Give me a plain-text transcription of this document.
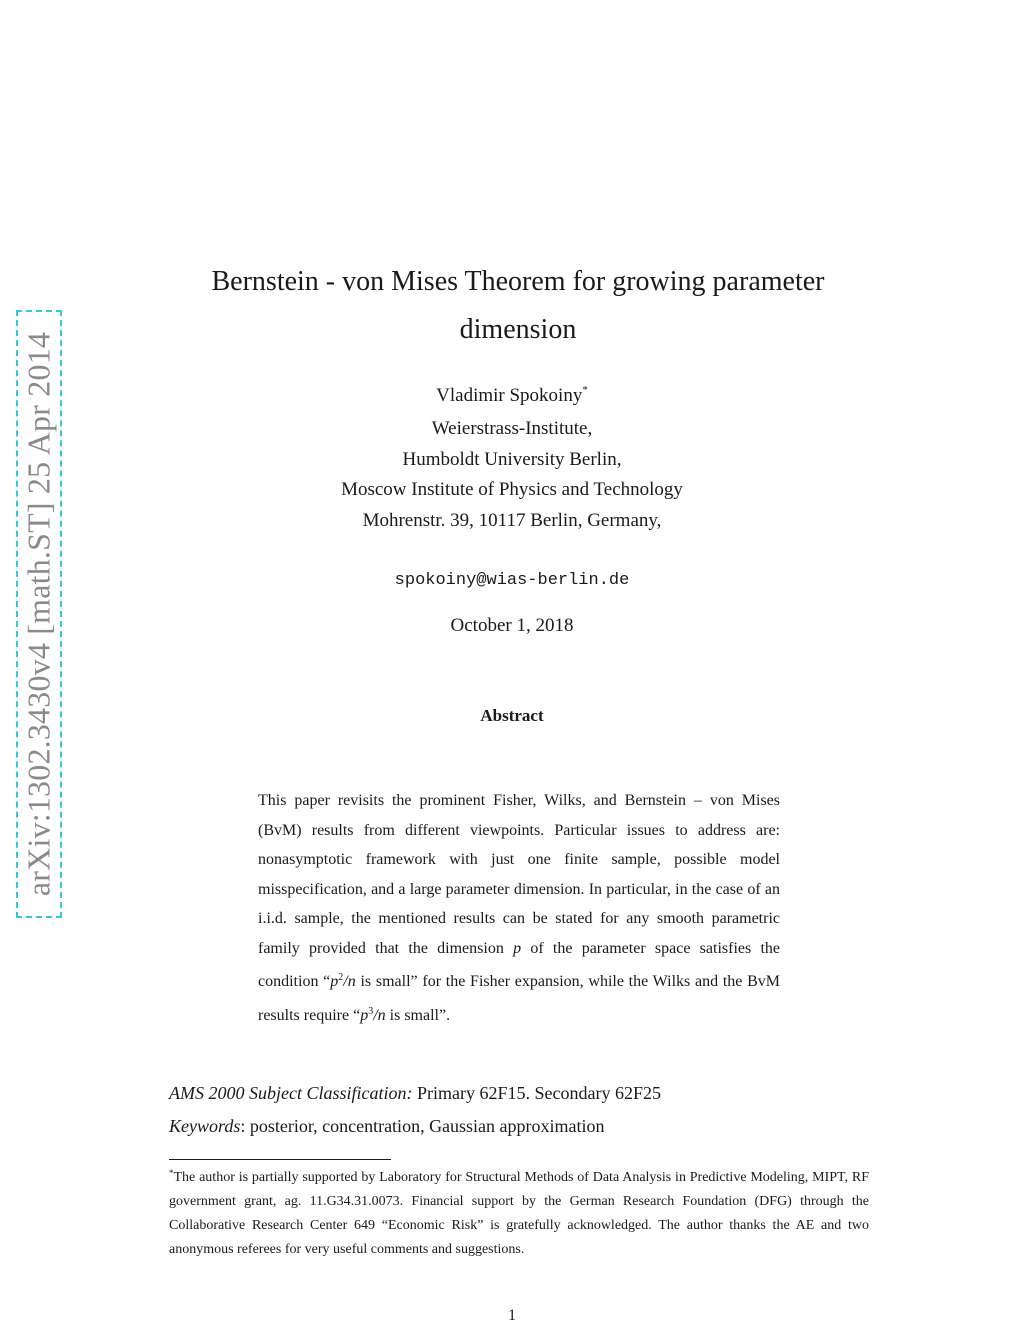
arXiv:1302.3430v4 [math.ST] 25 Apr 2014
Bernstein - von Mises Theorem for growing parameter dimension
Vladimir Spokoiny*
Weierstrass-Institute,
Humboldt University Berlin,
Moscow Institute of Physics and Technology
Mohrenstr. 39, 10117 Berlin, Germany,
spokoiny@wias-berlin.de
October 1, 2018
Abstract
This paper revisits the prominent Fisher, Wilks, and Bernstein – von Mises (BvM) results from different viewpoints. Particular issues to address are: nonasymptotic framework with just one finite sample, possible model misspecification, and a large parameter dimension. In particular, in the case of an i.i.d. sample, the mentioned results can be stated for any smooth parametric family provided that the dimension p of the parameter space satisfies the condition “$p^2/n$ is small” for the Fisher expansion, while the Wilks and the BvM results require “$p^3/n$ is small”.
AMS 2000 Subject Classification: Primary 62F15. Secondary 62F25
Keywords: posterior, concentration, Gaussian approximation
*The author is partially supported by Laboratory for Structural Methods of Data Analysis in Predictive Modeling, MIPT, RF government grant, ag. 11.G34.31.0073. Financial support by the German Research Foundation (DFG) through the Collaborative Research Center 649 “Economic Risk” is gratefully acknowledged. The author thanks the AE and two anonymous referees for very useful comments and suggestions.
1
